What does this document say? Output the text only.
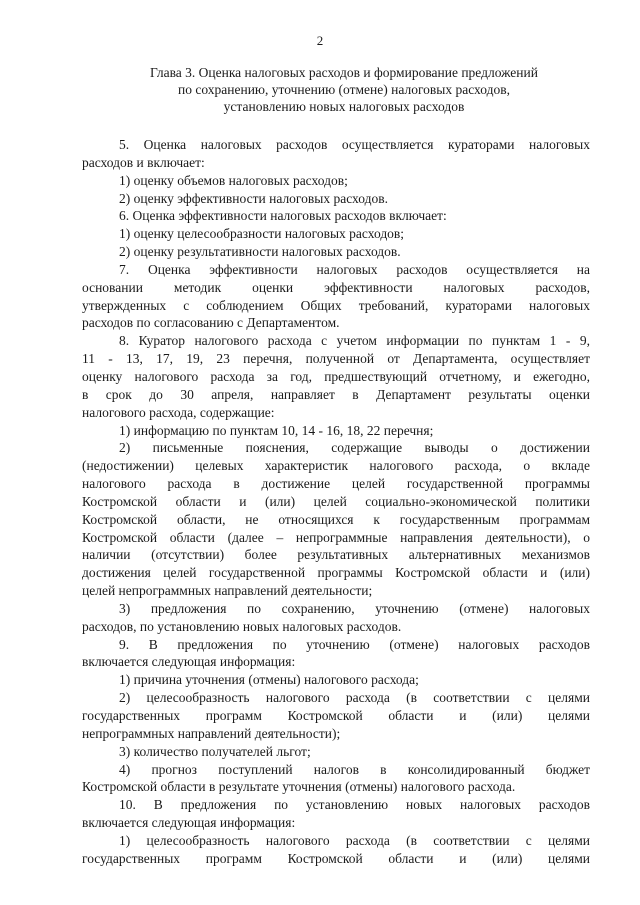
2
Глава 3. Оценка налоговых расходов и формирование предложений
по сохранению, уточнению (отмене) налоговых расходов,
установлению новых налоговых расходов
5. Оценка налоговых расходов осуществляется кураторами налоговых
расходов и включает:
1) оценку объемов налоговых расходов;
2) оценку эффективности налоговых расходов.
6. Оценка эффективности налоговых расходов включает:
1) оценку целесообразности налоговых расходов;
2) оценку результативности налоговых расходов.
7. Оценка эффективности налоговых расходов осуществляется на
основании методик оценки эффективности налоговых расходов,
утвержденных с соблюдением Общих требований, кураторами налоговых
расходов по согласованию с Департаментом.
8. Куратор налогового расхода с учетом информации по пунктам 1 - 9,
11 - 13, 17, 19, 23 перечня, полученной от Департамента, осуществляет
оценку налогового расхода за год, предшествующий отчетному, и ежегодно,
в срок до 30 апреля, направляет в Департамент результаты оценки
налогового расхода, содержащие:
1) информацию по пунктам 10, 14 - 16, 18, 22 перечня;
2) письменные пояснения, содержащие выводы о достижении
(недостижении) целевых характеристик налогового расхода, о вкладе
налогового расхода в достижение целей государственной программы
Костромской области и (или) целей социально-экономической политики
Костромской области, не относящихся к государственным программам
Костромской области (далее – непрограммные направления деятельности), о
наличии (отсутствии) более результативных альтернативных механизмов
достижения целей государственной программы Костромской области и (или)
целей непрограммных направлений деятельности;
3) предложения по сохранению, уточнению (отмене) налоговых
расходов, по установлению новых налоговых расходов.
9. В предложения по уточнению (отмене) налоговых расходов
включается следующая информация:
1) причина уточнения (отмены) налогового расхода;
2) целесообразность налогового расхода (в соответствии с целями
государственных программ Костромской области и (или) целями
непрограммных направлений деятельности);
3) количество получателей льгот;
4) прогноз поступлений налогов в консолидированный бюджет
Костромской области в результате уточнения (отмены) налогового расхода.
10. В предложения по установлению новых налоговых расходов
включается следующая информация:
1) целесообразность налогового расхода (в соответствии с целями
государственных программ Костромской области и (или) целями
